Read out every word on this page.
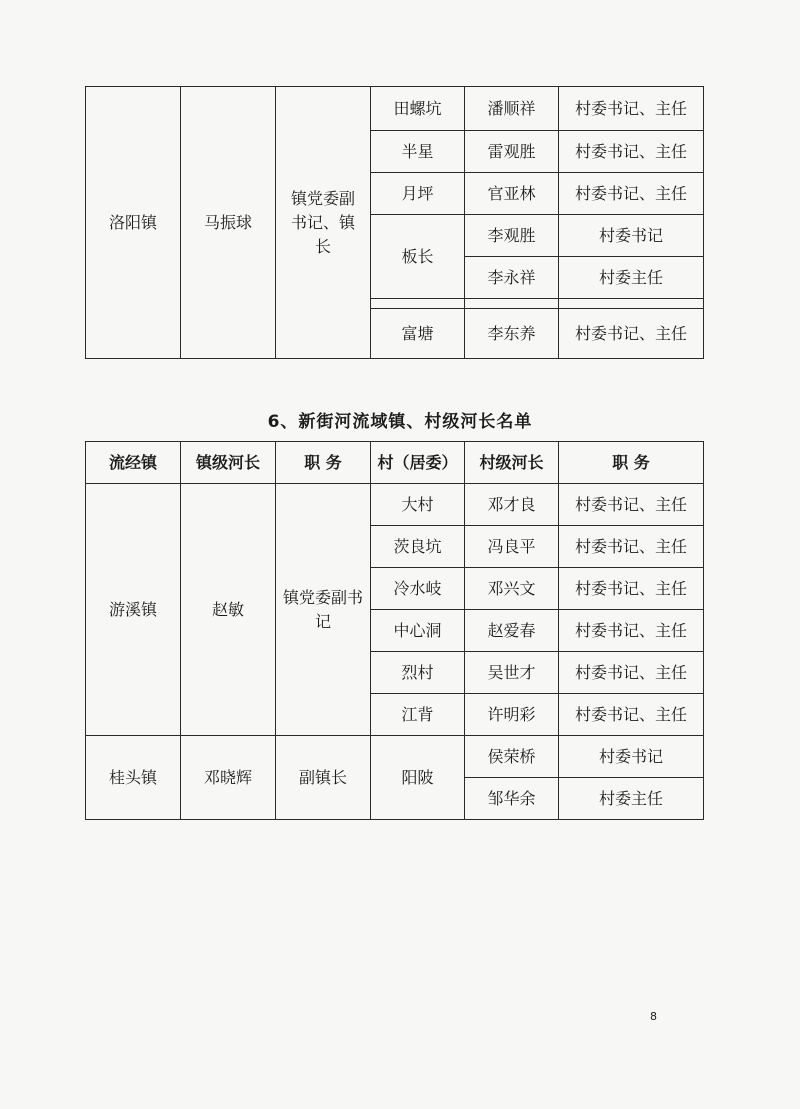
洛阳镇	马振球	镇党委副书记、镇长	田螺坑	潘顺祥	村委书记、主任
			半星	雷观胜	村委书记、主任
			月坪	官亚林	村委书记、主任
			板长	李观胜	村委书记
				李永祥	村委主任

			富塘	李东养	村委书记、主任
6、新街河流域镇、村级河长名单
流经镇	镇级河长	职 务	村（居委）	村级河长	职 务
游溪镇	赵敏	镇党委副书记	大村	邓才良	村委书记、主任
			茨良坑	冯良平	村委书记、主任
			冷水岐	邓兴文	村委书记、主任
			中心洞	赵爱春	村委书记、主任
			烈村	吴世才	村委书记、主任
			江背	许明彩	村委书记、主任
桂头镇	邓晓辉	副镇长	阳陂	侯荣桥	村委书记
				邹华余	村委主任
8
